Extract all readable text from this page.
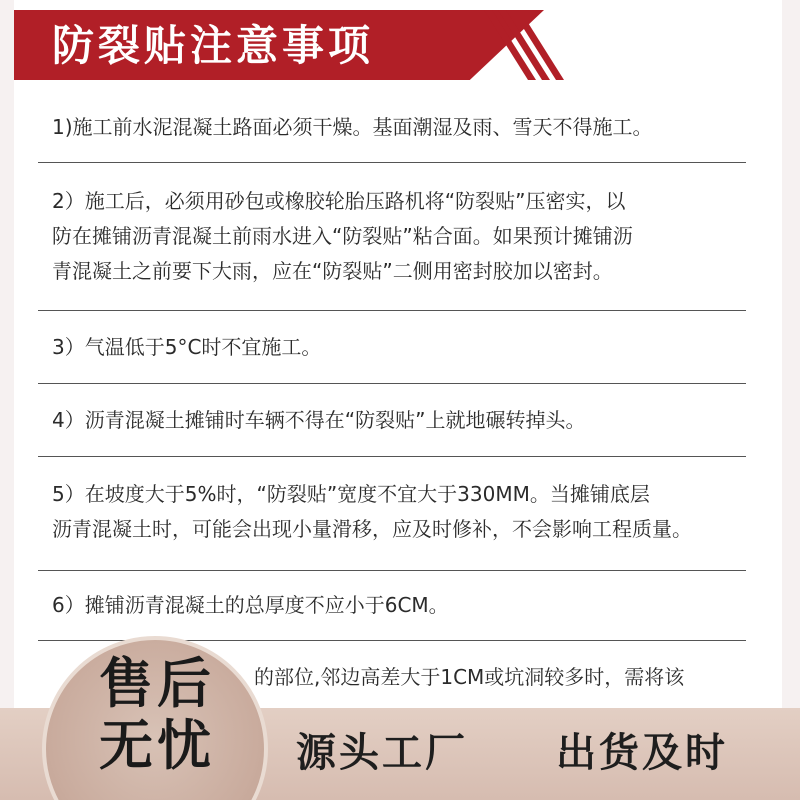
防裂贴注意事项
1)施工前水泥混凝土路面必须干燥。基面潮湿及雨、雪天不得施工。
2）施工后，必须用砂包或橡胶轮胎压路机将“防裂贴”压密实，以
防在摊铺沥青混凝土前雨水进入“防裂贴”粘合面。如果预计摊铺沥
青混凝土之前要下大雨，应在“防裂贴”二侧用密封胶加以密封。
3）气温低于5°C时不宜施工。
4）沥青混凝土摊铺时车辆不得在“防裂贴”上就地碾转掉头。
5）在坡度大于5%时，“防裂贴”宽度不宜大于330MM。当摊铺底层
沥青混凝土时，可能会出现小量滑移，应及时修补，不会影响工程质量。
6）摊铺沥青混凝土的总厚度不应小于6CM。
的部位,邻边高差大于1CM或坑洞较多时，需将该
源头工厂 出货及时
售后
无忧
